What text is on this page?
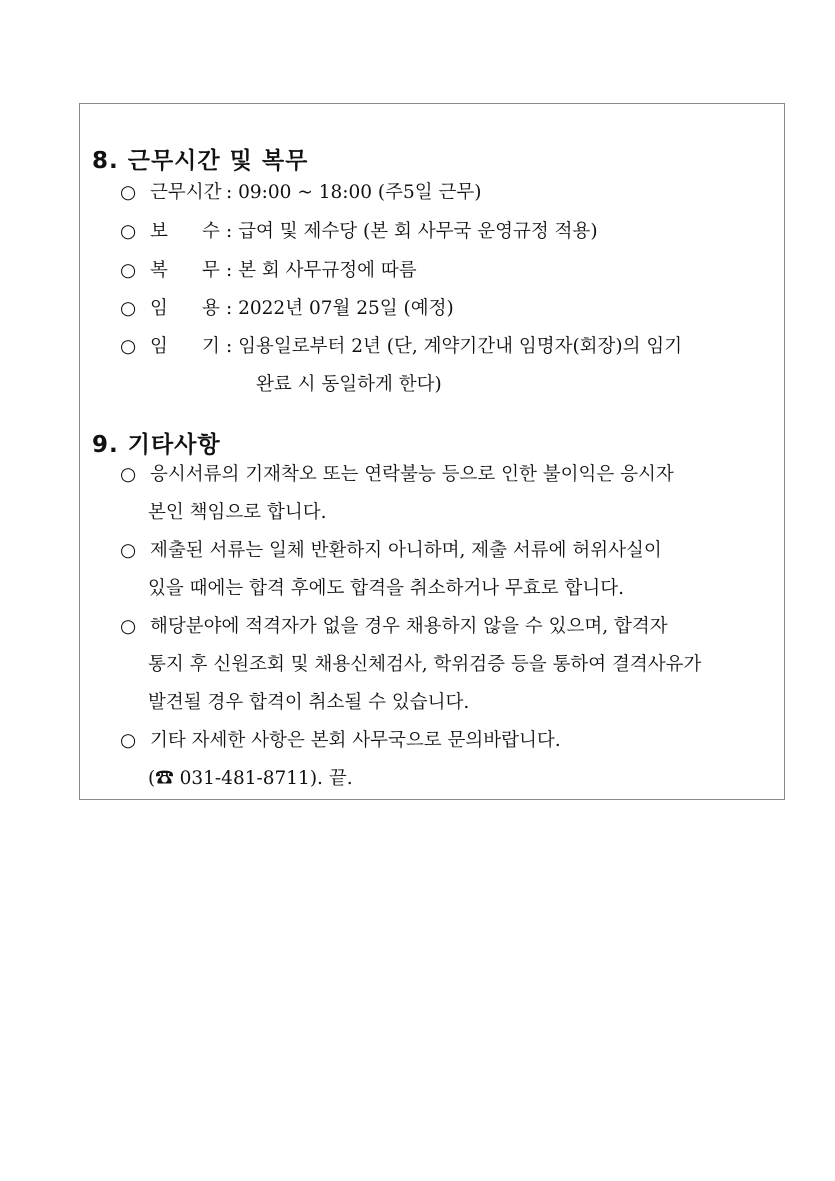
8. 근무시간 및 복무
○ 근무시간 : 09:00 ~ 18:00 (주5일 근무)
○ 보 수 : 급여 및 제수당 (본 회 사무국 운영규정 적용)
○ 복 무 : 본 회 사무규정에 따름
○ 임 용 : 2022년 07월 25일 (예정)
○ 임 기 : 임용일로부터 2년 (단, 계약기간내 임명자(회장)의 임기
완료 시 동일하게 한다)
9. 기타사항
○ 응시서류의 기재착오 또는 연락불능 등으로 인한 불이익은 응시자
본인 책임으로 합니다.
○ 제출된 서류는 일체 반환하지 아니하며, 제출 서류에 허위사실이
있을 때에는 합격 후에도 합격을 취소하거나 무효로 합니다.
○ 해당분야에 적격자가 없을 경우 채용하지 않을 수 있으며, 합격자
통지 후 신원조회 및 채용신체검사, 학위검증 등을 통하여 결격사유가
발견될 경우 합격이 취소될 수 있습니다.
○ 기타 자세한 사항은 본회 사무국으로 문의바랍니다.
(☎ 031-481-8711). 끝.
